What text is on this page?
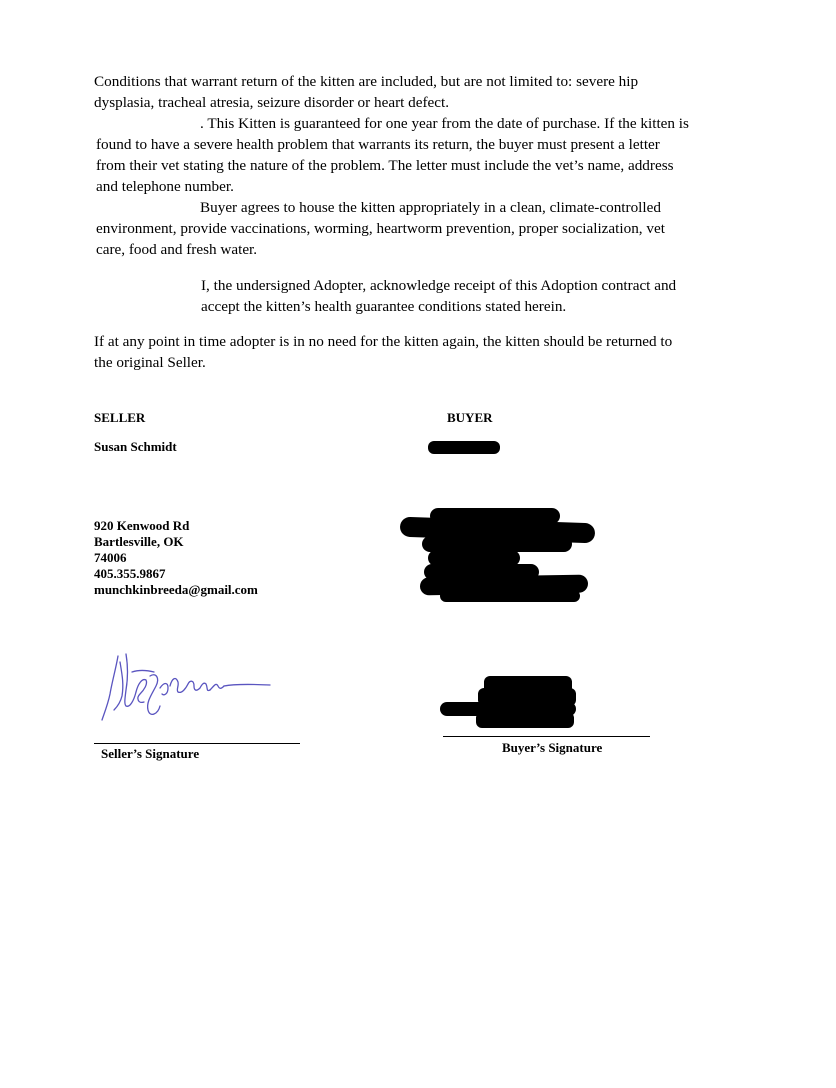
Conditions that warrant return of the kitten are included, but are not limited to: severe hip
dysplasia, tracheal atresia, seizure disorder or heart defect.
. This Kitten is guaranteed for one year from the date of purchase. If the kitten is
found to have a severe health problem that warrants its return, the buyer must present a letter
from their vet stating the nature of the problem. The letter must include the vet’s name, address
and telephone number.
Buyer agrees to house the kitten appropriately in a clean, climate-controlled
environment, provide vaccinations, worming, heartworm prevention, proper socialization, vet
care, food and fresh water.
I, the undersigned Adopter, acknowledge receipt of this Adoption contract and
accept the kitten’s health guarantee conditions stated herein.
If at any point in time adopter is in no need for the kitten again, the kitten should be returned to
the original Seller.
SELLER
Susan Schmidt
920 Kenwood Rd
Bartlesville, OK
74006
405.355.9867
munchkinbreeda@gmail.com
Seller’s Signature
BUYER
Buyer’s Signature
